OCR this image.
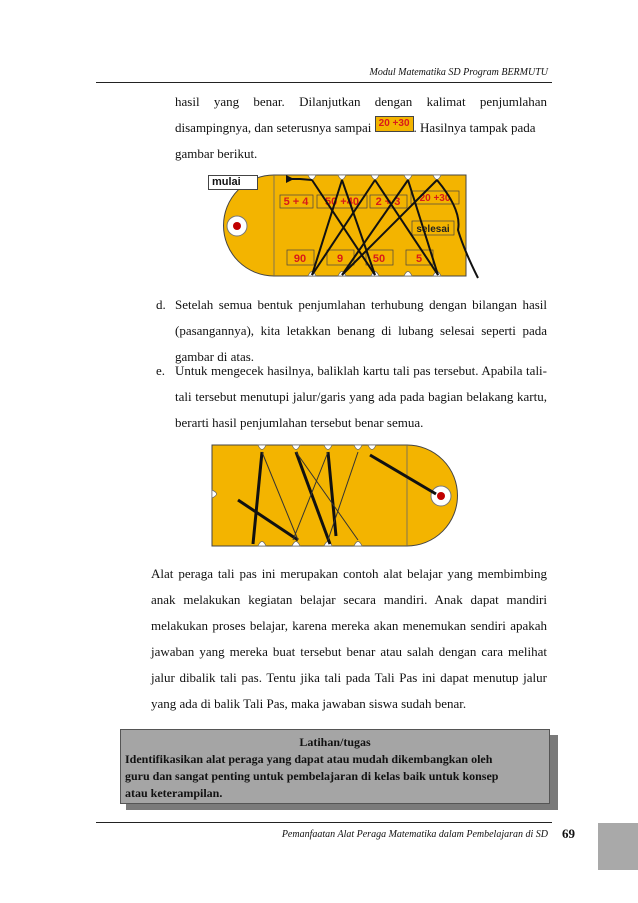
Modul Matematika SD Program BERMUTU
hasil yang benar. Dilanjutkan dengan kalimat penjumlahan
disampingnya, dan seterusnya sampai 20 +30 . Hasilnya tampak pada
gambar berikut.
5 + 4 50 +40 2 + 3 20 +30
selesai
90	9	50	5
mulai
d. Setelah semua bentuk penjumlahan terhubung dengan bilangan hasil
(pasangannya), kita letakkan benang di lubang selesai seperti pada
gambar di atas.
e. Untuk mengecek hasilnya, baliklah kartu tali pas tersebut. Apabila tali-
tali tersebut menutupi jalur/garis yang ada pada bagian belakang kartu,
berarti hasil penjumlahan tersebut benar semua.
Alat peraga tali pas ini merupakan contoh alat belajar yang membimbing
anak melakukan kegiatan belajar secara mandiri. Anak dapat mandiri
melakukan proses belajar, karena mereka akan menemukan sendiri apakah
jawaban yang mereka buat tersebut benar atau salah dengan cara melihat
jalur dibalik tali pas. Tentu jika tali pada Tali Pas ini dapat menutup jalur
yang ada di balik Tali Pas, maka jawaban siswa sudah benar.
Latihan/tugas
Identifikasikan alat peraga yang dapat atau mudah dikembangkan oleh
guru dan sangat penting untuk pembelajaran di kelas baik untuk konsep
atau keterampilan.
Pemanfaatan Alat Peraga Matematika dalam Pembelajaran di SD 69
